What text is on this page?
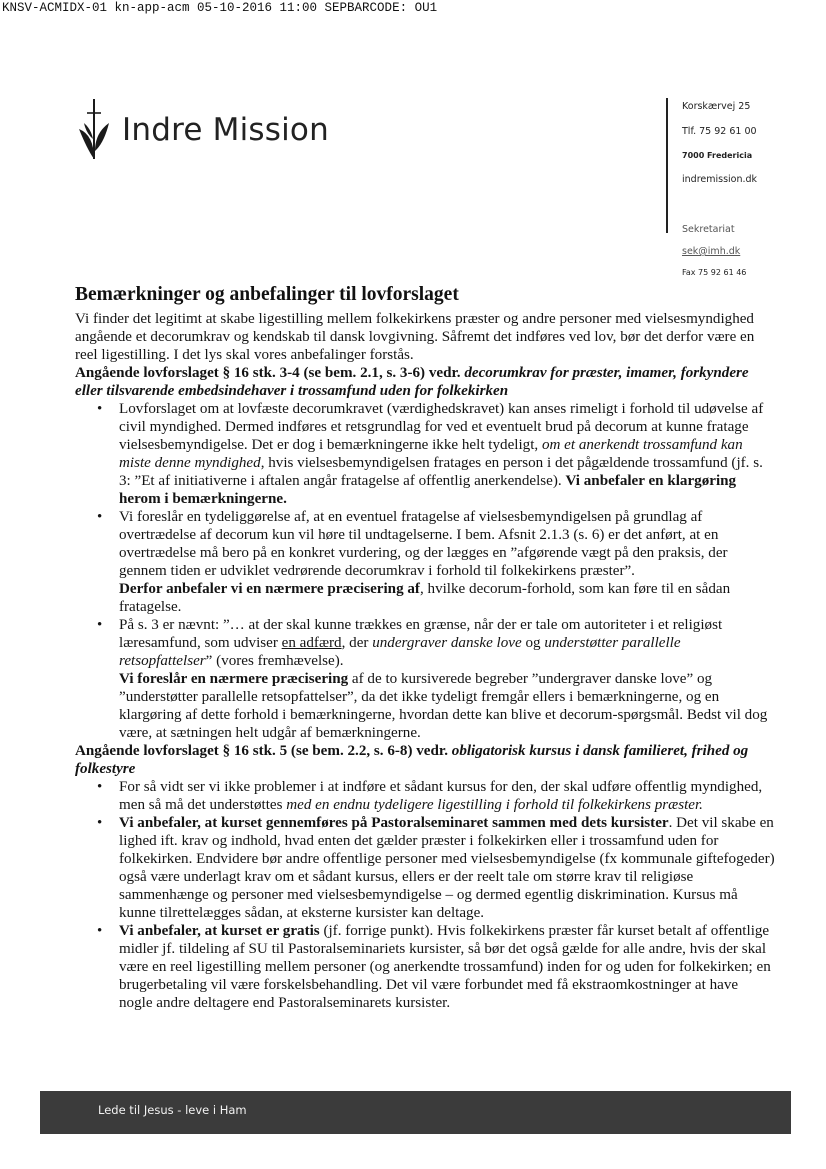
KNSV-ACMIDX-01 kn-app-acm 05-10-2016 11:00 SEPBARCODE: OU1
Indre Mission
Korskærvej 25
Tlf. 75 92 61 00
7000 Fredericia
indremission.dk
Sekretariat
sek@imh.dk
Fax 75 92 61 46
Bemærkninger og anbefalinger til lovforslaget

Vi finder det legitimt at skabe ligestilling mellem folkekirkens præster og andre personer med vielsesmyndighed angående et decorumkrav og kendskab til dansk lovgivning. Såfremt det indføres ved lov, bør det derfor være en reel ligestilling. I det lys skal vores anbefalinger forstås.

Angående lovforslaget § 16 stk. 3-4 (se bem. 2.1, s. 3-6) vedr. decorumkrav for præster, imamer, forkyndere eller tilsvarende embedsindehaver i trossamfund uden for folkekirken

• Lovforslaget om at lovfæste decorumkravet (værdighedskravet) kan anses rimeligt i forhold til udøvelse af civil myndighed. Dermed indføres et retsgrundlag for ved et eventuelt brud på decorum at kunne fratage vielsesbemyndigelse. Det er dog i bemærkningerne ikke helt tydeligt, om et anerkendt trossamfund kan miste denne myndighed, hvis vielsesbemyndigelsen fratages en person i det pågældende trossamfund (jf. s. 3: ”Et af initiativerne i aftalen angår fratagelse af offentlig anerkendelse). Vi anbefaler en klargøring herom i bemærkningerne.

• Vi foreslår en tydeliggørelse af, at en eventuel fratagelse af vielsesbemyndigelsen på grundlag af overtrædelse af decorum kun vil høre til undtagelserne. I bem. Afsnit 2.1.3 (s. 6) er det anført, at en overtrædelse må bero på en konkret vurdering, og der lægges en ”afgørende vægt på den praksis, der gennem tiden er udviklet vedrørende decorumkrav i forhold til folkekirkens præster”.

Derfor anbefaler vi en nærmere præcisering af, hvilke decorum-forhold, som kan føre til en sådan fratagelse.

• På s. 3 er nævnt: ”… at der skal kunne trækkes en grænse, når der er tale om autoriteter i et religiøst læresamfund, som udviser en adfærd, der undergraver danske love og understøtter parallelle retsopfattelser” (vores fremhævelse).

Vi foreslår en nærmere præcisering af de to kursiverede begreber ”undergraver danske love” og ”understøtter parallelle retsopfattelser”, da det ikke tydeligt fremgår ellers i bemærkningerne, og en klargøring af dette forhold i bemærkningerne, hvordan dette kan blive et decorum-spørgsmål. Bedst vil dog være, at sætningen helt udgår af bemærkningerne.

Angående lovforslaget § 16 stk. 5 (se bem. 2.2, s. 6-8) vedr. obligatorisk kursus i dansk familieret, frihed og folkestyre

• For så vidt ser vi ikke problemer i at indføre et sådant kursus for den, der skal udføre offentlig myndighed, men så må det understøttes med en endnu tydeligere ligestilling i forhold til folkekirkens præster.
• Vi anbefaler, at kurset gennemføres på Pastoralseminaret sammen med dets kursister. Det vil skabe en lighed ift. krav og indhold, hvad enten det gælder præster i folkekirken eller i trossamfund uden for folkekirken. Endvidere bør andre offentlige personer med vielsesbemyndigelse (fx kommunale giftefogeder) også være underlagt krav om et sådant kursus, ellers er der reelt tale om større krav til religiøse sammenhænge og personer med vielsesbemyndigelse – og dermed egentlig diskrimination. Kursus må kunne tilrettelægges sådan, at eksterne kursister kan deltage.
• Vi anbefaler, at kurset er gratis (jf. forrige punkt). Hvis folkekirkens præster får kurset betalt af offentlige midler jf. tildeling af SU til Pastoralseminariets kursister, så bør det også gælde for alle andre, hvis der skal være en reel ligestilling mellem personer (og anerkendte trossamfund) inden for og uden for folkekirken; en brugerbetaling vil være forskelsbehandling. Det vil være forbundet med få ekstraomkostninger at have nogle andre deltagere end Pastoralseminarets kursister.
Lede til Jesus - leve i Ham
